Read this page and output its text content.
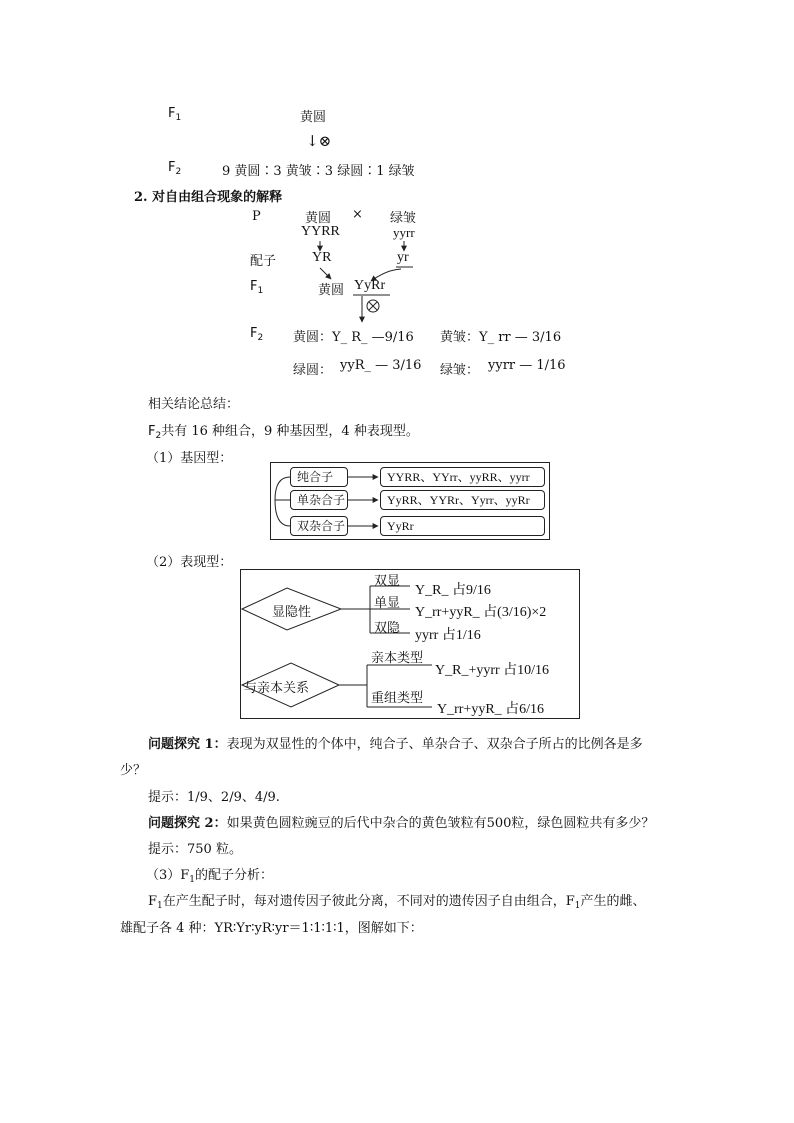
$F_1$	黄圆
↓⊗
$F_2$	9 黄圆∶3 黄皱∶3 绿圆∶1 绿皱
2. 对自由组合现象的解释
P	黄圆 × 绿皱
YYRR	yyrr
配子	YR	yr
$F_1$	黄圆 YyRr
$F_2$ 黄圆：Y_ R_ —9/16 黄皱：Y_ rr — 3/16
绿圆： yyR_ — 3/16 绿皱： yyrr — 1/16
相关结论总结：
$F_2$共有 16 种组合，9 种基因型，4 种表现型。
（1）基因型：
纯合子
单杂合子
双杂合子
YYRR、YYrr、yyRR、yyrr
YyRR、YYRr、Yyrr、yyRr
YyRr
（2）表现型：
显隐性
双显
单显
双隐
Y_R_ 占9/16
Y_rr+yyR_ 占(3/16)×2
yyrr 占1/16
与亲本关系
亲本类型
重组类型
Y_R_+yyrr 占10/16
Y_rr+yyR_ 占6/16
问题探究 1：表现为双显性的个体中，纯合子、单杂合子、双杂合子所占的比例各是多
少？
提示：1/9、2/9、4/9.
问题探究 2：如果黄色圆粒豌豆的后代中杂合的黄色皱粒有500粒，绿色圆粒共有多少？
提示：750 粒。
$(3)F_1$的配子分析：
$F_1$在产生配子时，每对遗传因子彼此分离，不同对的遗传因子自由组合，$F_1$产生的雌、
雄配子各 4 种：YR∶Yr∶yR∶yr＝1∶1∶1∶1，图解如下：
